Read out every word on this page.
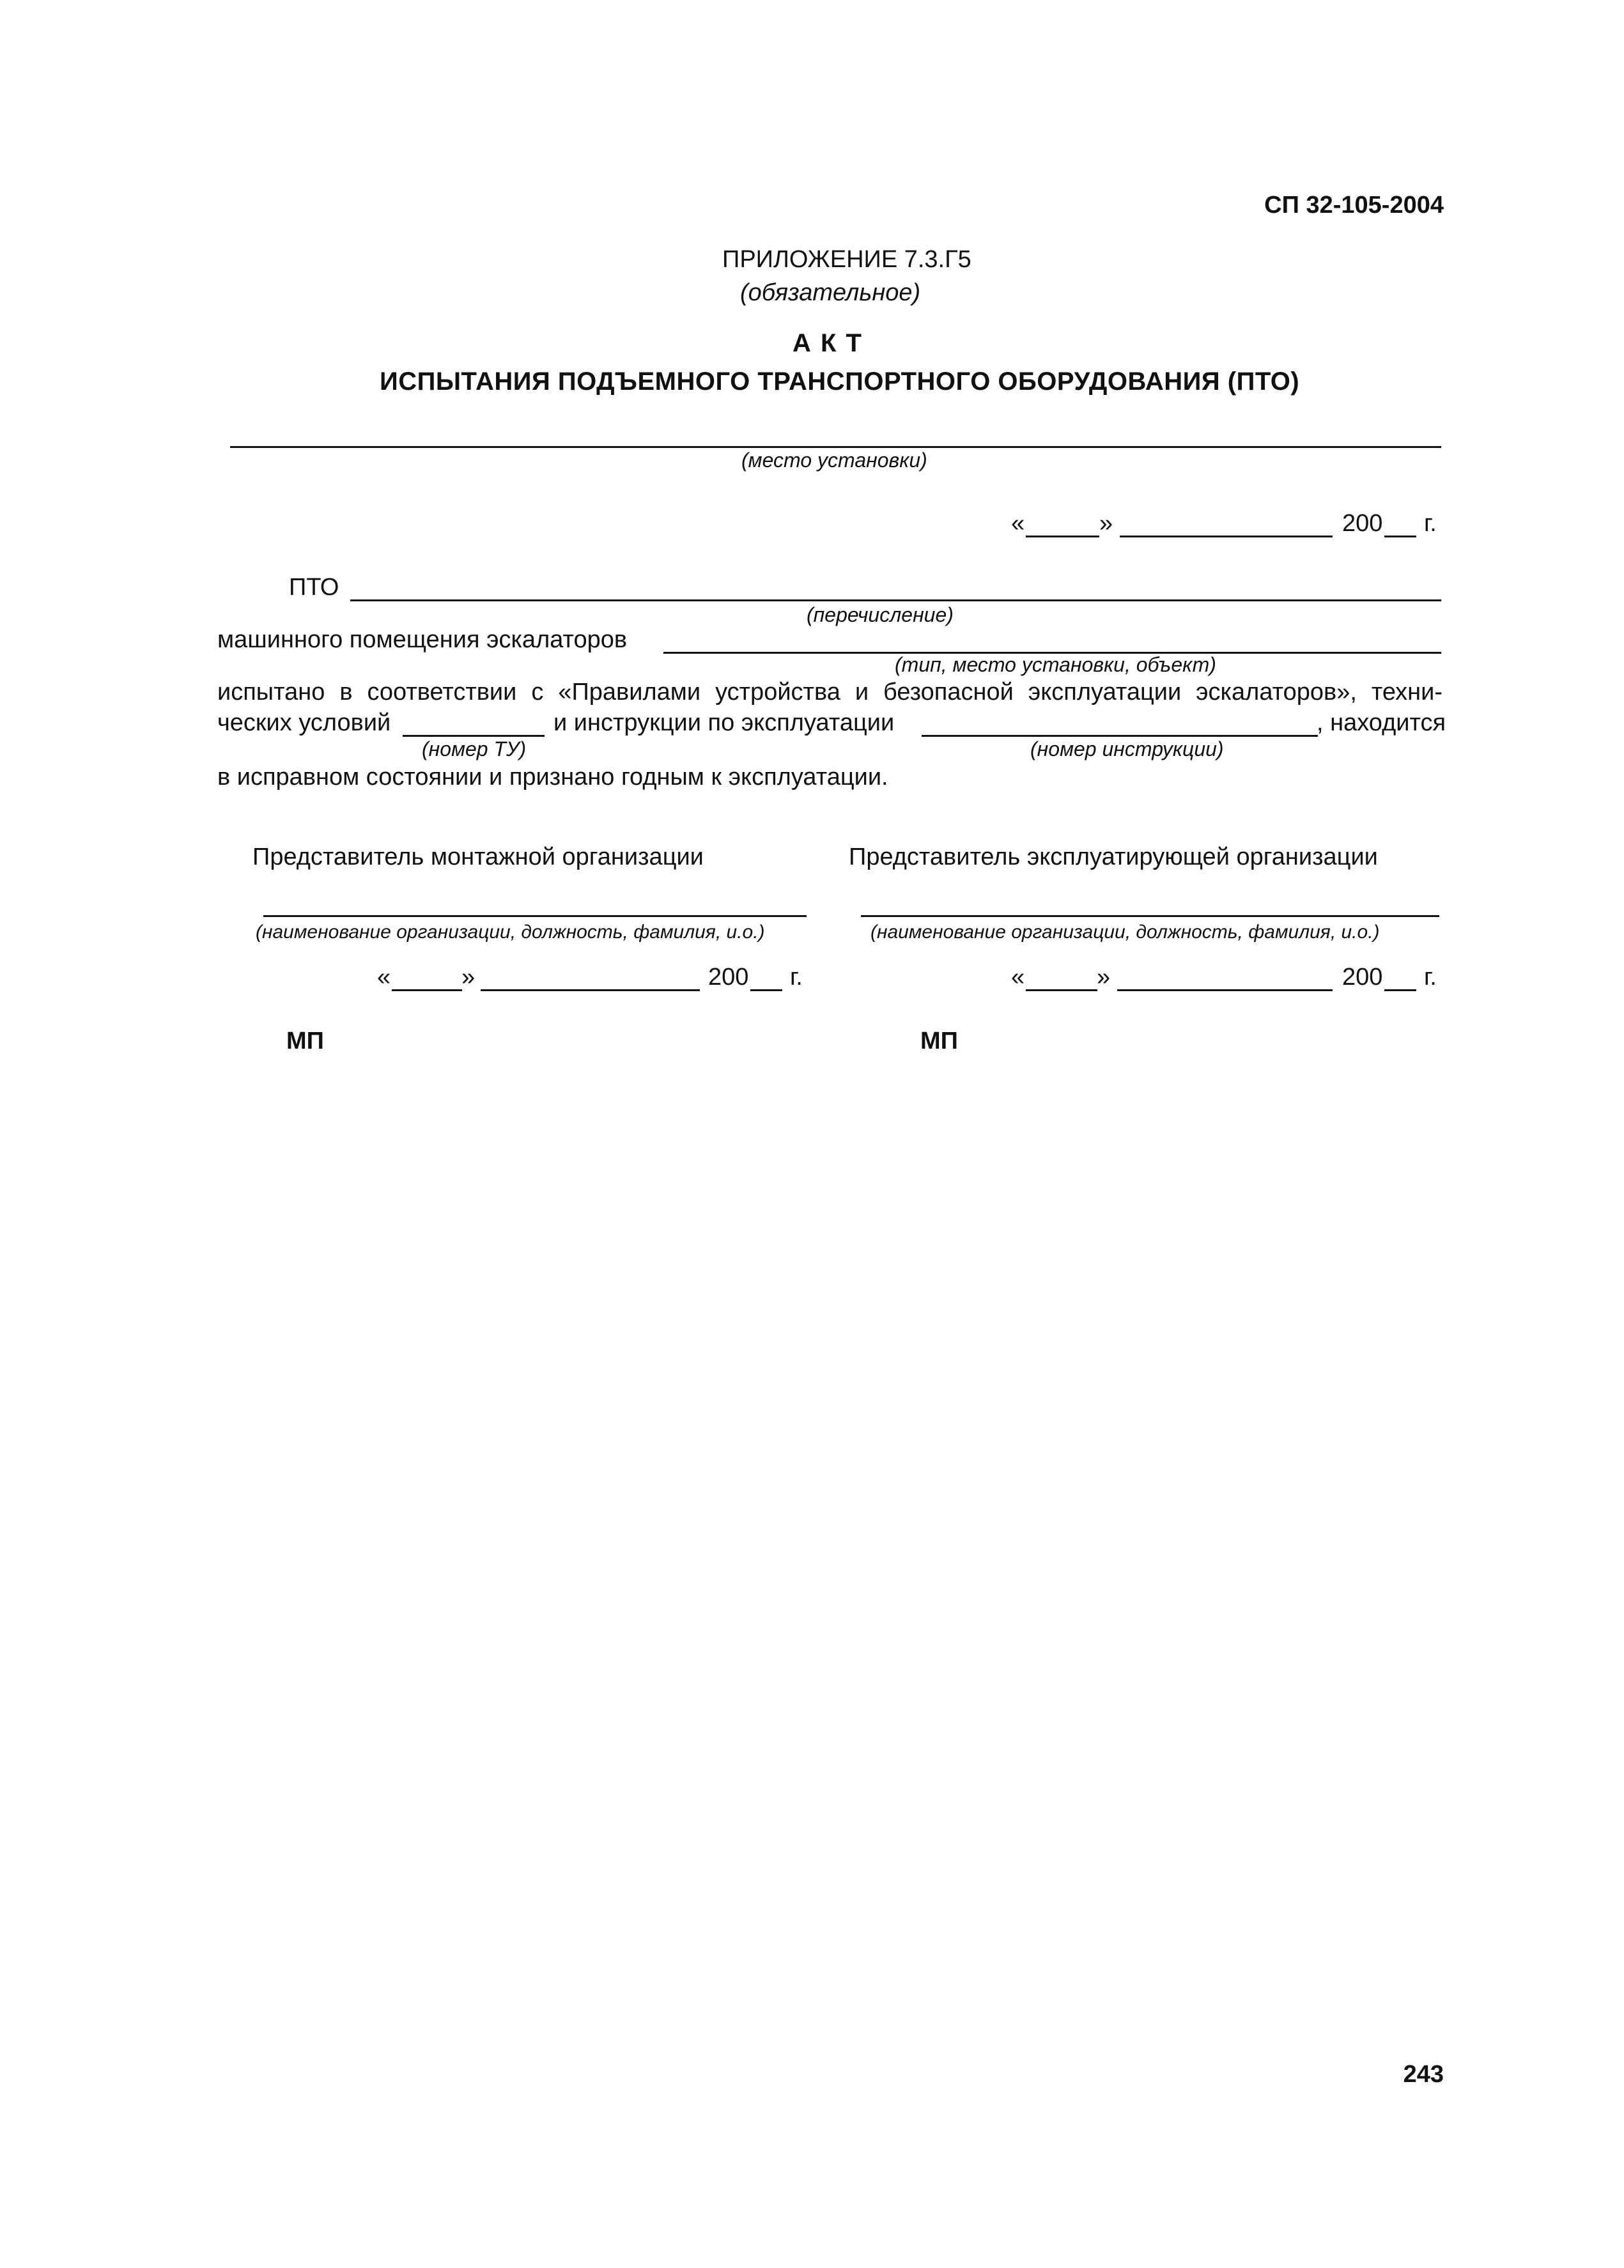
СП 32-105-2004
ПРИЛОЖЕНИЕ 7.3.Г5
(обязательное)
А К Т
ИСПЫТАНИЯ ПОДЪЕМНОГО ТРАНСПОРТНОГО ОБОРУДОВАНИЯ (ПТО)
(место установки)
«	»	200 г.
ПТО
(перечисление)
машинного помещения эскалаторов
(тип, место установки, объект)
испытано в соответствии с «Правилами устройства и безопасной эксплуатации эскалаторов», техни-
ческих условий	и инструкции по эксплуатации	, находится
(номер ТУ)	(номер инструкции)
в исправном состоянии и признано годным к эксплуатации.
Представитель монтажной организации
(наименование организации, должность, фамилия, и.о.)
«	»	200 г.
МП
Представитель эксплуатирующей организации
(наименование организации, должность, фамилия, и.о.)
«	»	200 г.
МП
243
